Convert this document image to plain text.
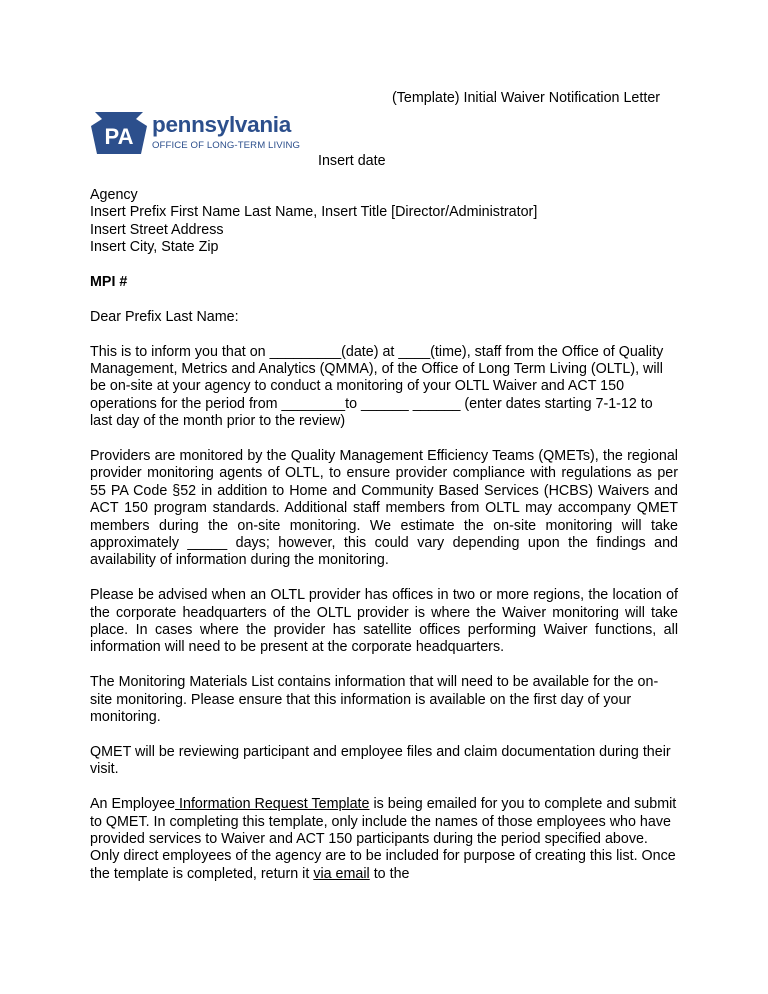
(Template) Initial Waiver Notification Letter
PA pennsylvania
OFFICE OF LONG-TERM LIVING
Insert date
Agency
Insert Prefix First Name Last Name, Insert Title [Director/Administrator]
Insert Street Address
Insert City, State Zip
MPI #
Dear Prefix Last Name:

This is to inform you that on _________(date) at ____(time), staff from the Office of Quality Management, Metrics and Analytics (QMMA), of the Office of Long Term Living (OLTL), will be on-site at your agency to conduct a monitoring of your OLTL Waiver and ACT 150 operations for the period from ________to ______ ______ (enter dates starting 7-1-12 to last day of the month prior to the review)

Providers are monitored by the Quality Management Efficiency Teams (QMETs), the regional provider monitoring agents of OLTL, to ensure provider compliance with regulations as per 55 PA Code §52 in addition to Home and Community Based Services (HCBS) Waivers and ACT 150 program standards. Additional staff members from OLTL may accompany QMET members during the on-site monitoring. We estimate the on-site monitoring will take approximately _____ days; however, this could vary depending upon the findings and availability of information during the monitoring.

Please be advised when an OLTL provider has offices in two or more regions, the location of the corporate headquarters of the OLTL provider is where the Waiver monitoring will take place. In cases where the provider has satellite offices performing Waiver functions, all information will need to be present at the corporate headquarters.

The Monitoring Materials List contains information that will need to be available for the on-site monitoring. Please ensure that this information is available on the first day of your monitoring.

QMET will be reviewing participant and employee files and claim documentation during their visit.

An Employee Information Request Template is being emailed for you to complete and submit to QMET. In completing this template, only include the names of those employees who have provided services to Waiver and ACT 150 participants during the period specified above. Only direct employees of the agency are to be included for purpose of creating this list. Once the template is completed, return it via email to the
